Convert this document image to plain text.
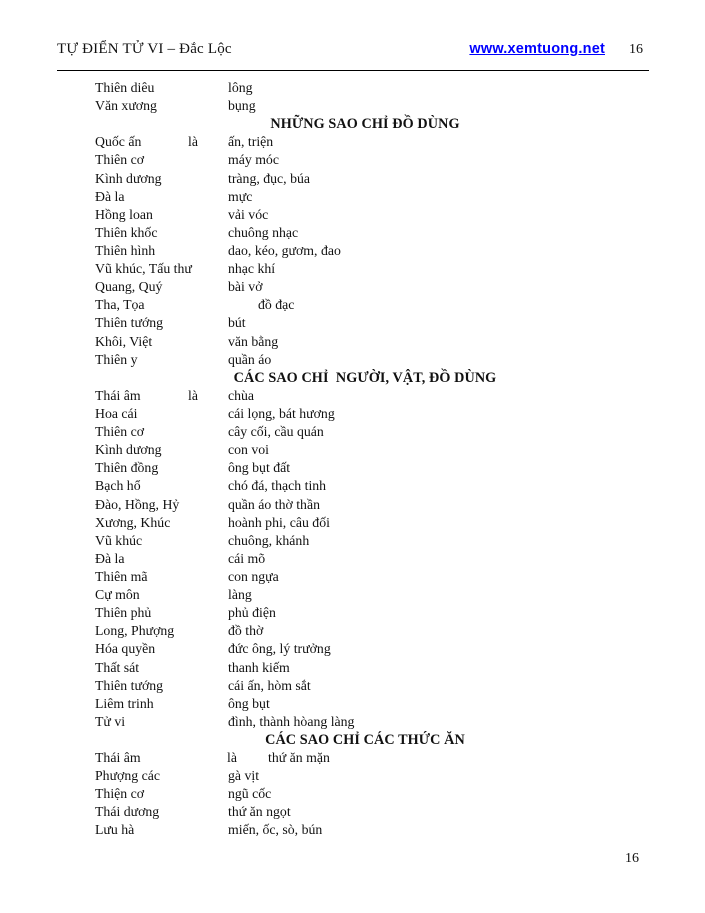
TỰ ĐIỂN TỬ VI – Đắc Lộc	www.xemtuong.net 16
Thiên diêu	lông
Văn xương	bụng
NHỮNG SAO CHỈ ĐỒ DÙNG
Quốc ấn	là ấn, triện
Thiên cơ	máy móc
Kình dương	tràng, đục, búa
Đà la	mực
Hồng loan	vải vóc
Thiên khốc	chuông nhạc
Thiên hình	dao, kéo, gươm, đao
Vũ khúc, Tấu thư	nhạc khí
Quang, Quý	bài vở
Tha, Tọa	đồ đạc
Thiên tướng	bút
Khôi, Việt	văn bằng
Thiên y	quần áo
CÁC SAO CHỈ  NGƯỜI, VẬT, ĐỒ DÙNG
Thái âm	là chùa
Hoa cái	cái lọng, bát hương
Thiên cơ	cây cối, cầu quán
Kình dương	con voi
Thiên đồng	ông bụt đất
Bạch hổ	chó đá, thạch tinh
Đào, Hồng, Hỷ	quần áo thờ thần
Xương, Khúc	hoành phi, câu đối
Vũ khúc	chuông, khánh
Đà la	cái mõ
Thiên mã	con ngựa
Cự môn	làng
Thiên phủ	phủ điện
Long, Phượng	đồ thờ
Hóa quyền	đức ông, lý trưởng
Thất sát	thanh kiếm
Thiên tướng	cái ấn, hòm sắt
Liêm trinh	ông bụt
Tử vi	đình, thành hòang làng
CÁC SAO CHỈ CÁC THỨC ĂN
Thái âm	là thứ ăn mặn
Phượng các	gà vịt
Thiện cơ	ngũ cốc
Thái dương	thứ ăn ngọt
Lưu hà	miến, ốc, sò, bún
16
